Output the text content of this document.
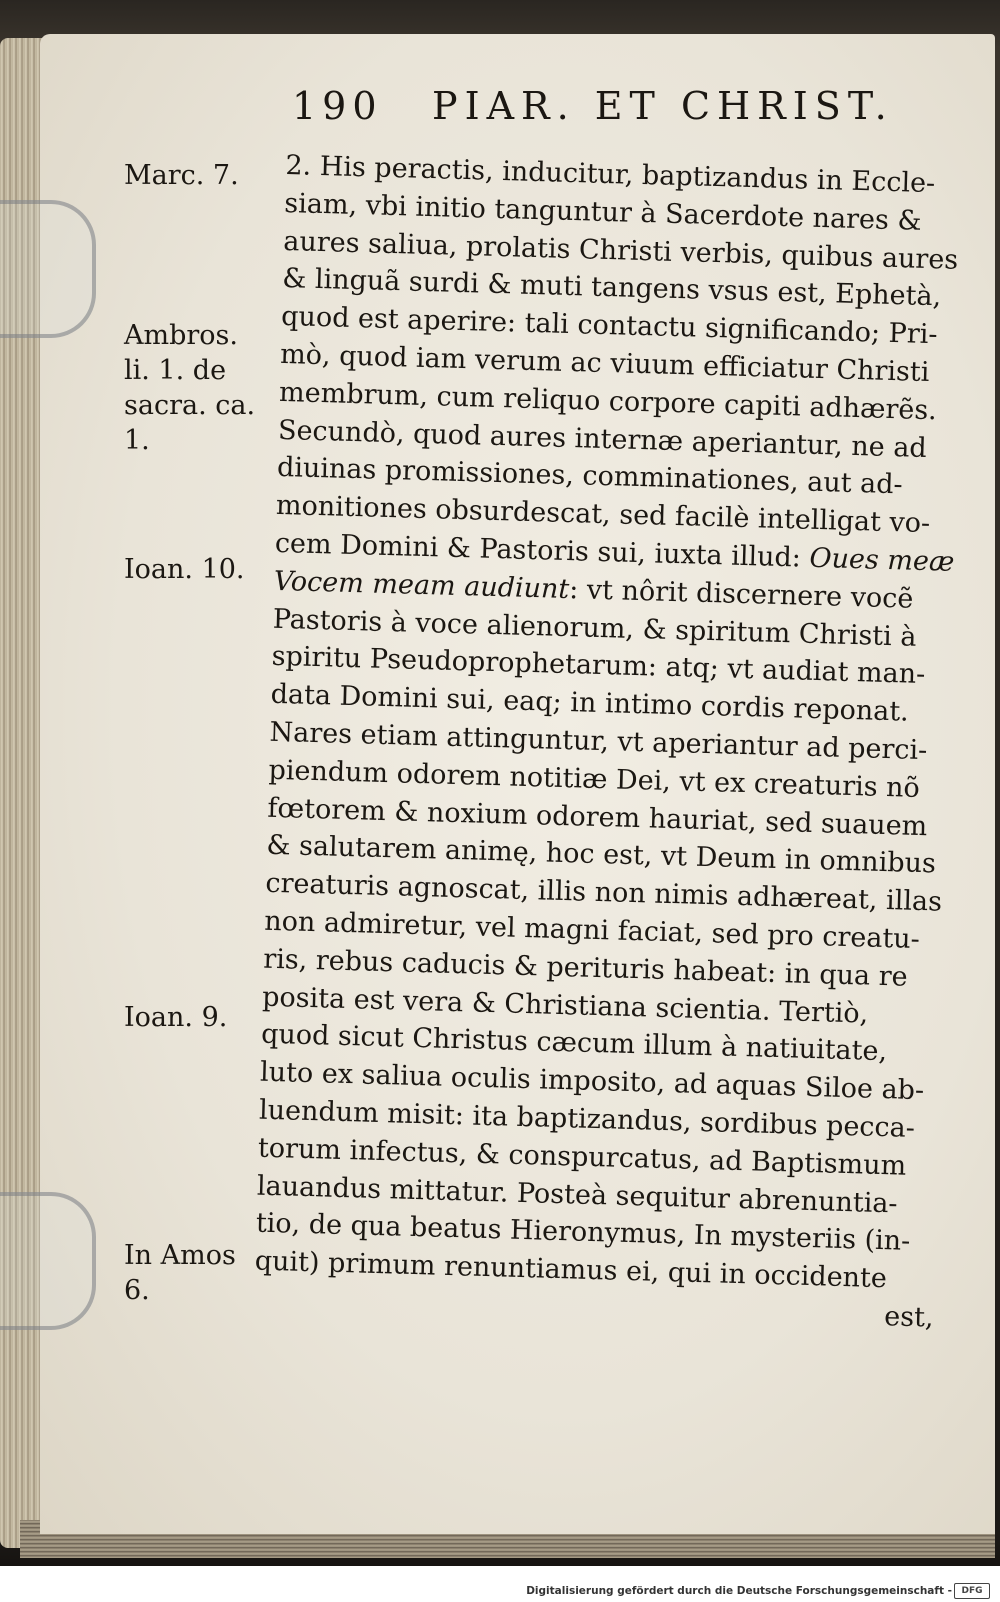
190 PIAR. ET CHRIST.
Marc. 7.
Ambros. li. 1. de sacra. ca. 1.
Ioan. 10.
Ioan. 9.
In Amos 6.
2. His peractis, inducitur, baptizandus in Eccle-
siam, vbi initio tanguntur à Sacerdote nares &
aures saliua, prolatis Christi verbis, quibus aures
& linguã surdi & muti tangens vsus est, Ephetà,
quod est aperire: tali contactu significando; Pri-
mò, quod iam verum ac viuum efficiatur Christi
membrum, cum reliquo corpore capiti adhærẽs.
Secundò, quod aures internæ aperiantur, ne ad
diuinas promissiones, comminationes, aut ad-
monitiones obsurdescat, sed facilè intelligat vo-
cem Domini & Pastoris sui, iuxta illud: Oues meæ
Vocem meam audiunt: vt nôrit discernere vocẽ
Pastoris à voce alienorum, & spiritum Christi à
spiritu Pseudoprophetarum: atq; vt audiat man-
data Domini sui, eaq; in intimo cordis reponat.
Nares etiam attinguntur, vt aperiantur ad perci-
piendum odorem notitiæ Dei, vt ex creaturis nõ
fœtorem & noxium odorem hauriat, sed suauem
& salutarem animę, hoc est, vt Deum in omnibus
creaturis agnoscat, illis non nimis adhæreat, illas
non admiretur, vel magni faciat, sed pro creatu-
ris, rebus caducis & perituris habeat: in qua re
posita est vera & Christiana scientia. Tertiò,
quod sicut Christus cæcum illum à natiuitate,
luto ex saliua oculis imposito, ad aquas Siloe ab-
luendum misit: ita baptizandus, sordibus pecca-
torum infectus, & conspurcatus, ad Baptismum
lauandus mittatur. Posteà sequitur abrenuntia-
tio, de qua beatus Hieronymus, In mysteriis (in-
quit) primum renuntiamus ei, qui in occidente
est,
Digitalisierung gefördert durch die Deutsche Forschungsgemeinschaft -	DFG
